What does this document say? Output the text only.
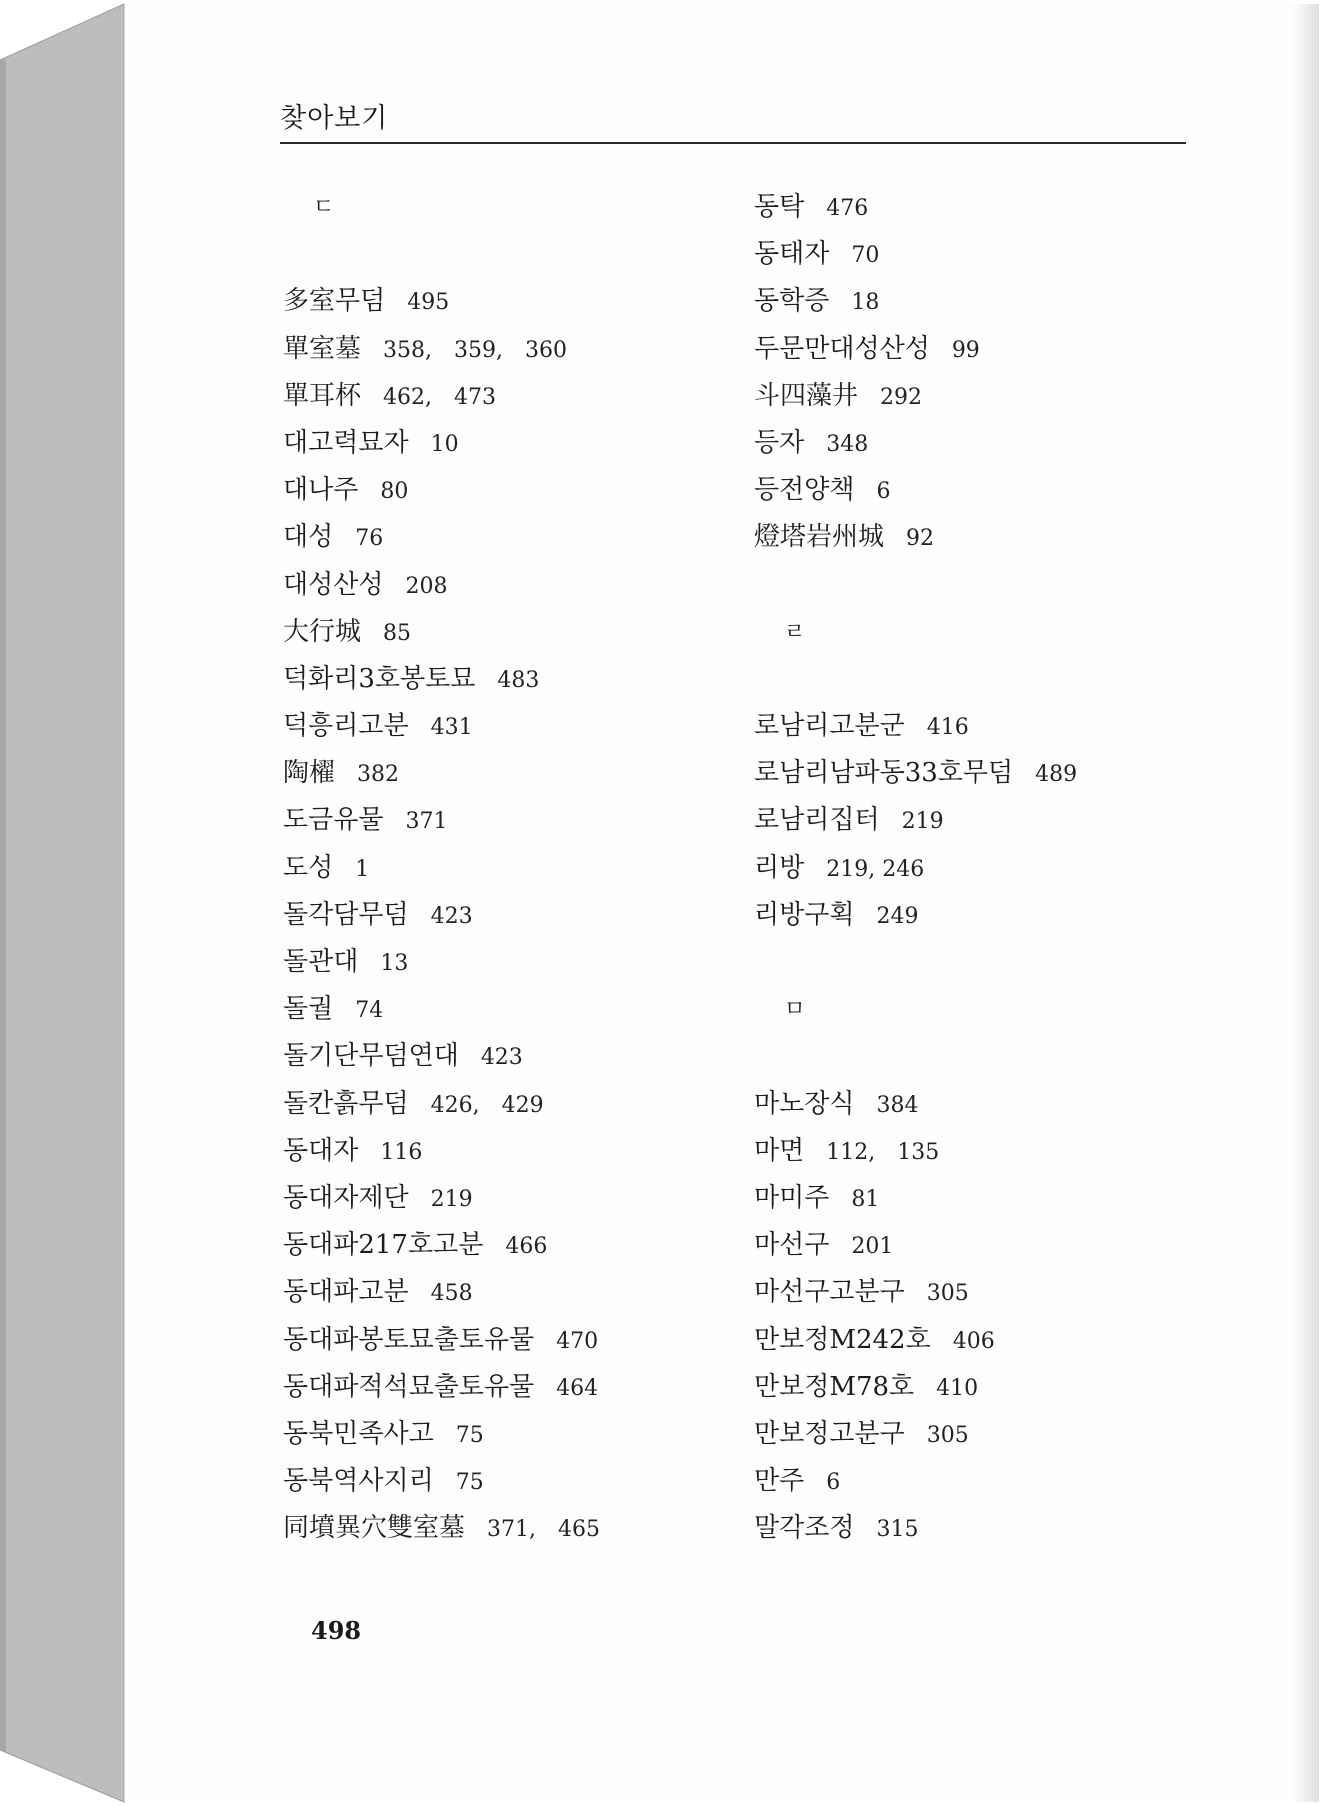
찾아보기
ㄷ
多室무덤 495
單室墓 358,　359,　360
單耳杯 462,　473
대고력묘자 10
대나주 80
대성 76
대성산성 208
大行城 85
덕화리3호봉토묘 483
덕흥리고분 431
陶櫂 382
도금유물 371
도성 1
돌각담무덤 423
돌관대 13
돌궐 74
돌기단무덤연대 423
돌칸흙무덤 426,　429
동대자 116
동대자제단 219
동대파217호고분 466
동대파고분 458
동대파봉토묘출토유물 470
동대파적석묘출토유물 464
동북민족사고 75
동북역사지리 75
同墳異穴雙室墓 371,　465
동탁 476
동태자 70
동학증 18
두문만대성산성 99
斗四藻井 292
등자 348
등전양책 6
燈塔岩州城 92
ㄹ
로남리고분군 416
로남리남파동33호무덤 489
로남리집터 219
리방 219, 246
리방구획 249
ㅁ
마노장식 384
마면 112,　135
마미주 81
마선구 201
마선구고분구 305
만보정M242호 406
만보정M78호 410
만보정고분구 305
만주 6
말각조정 315
498
